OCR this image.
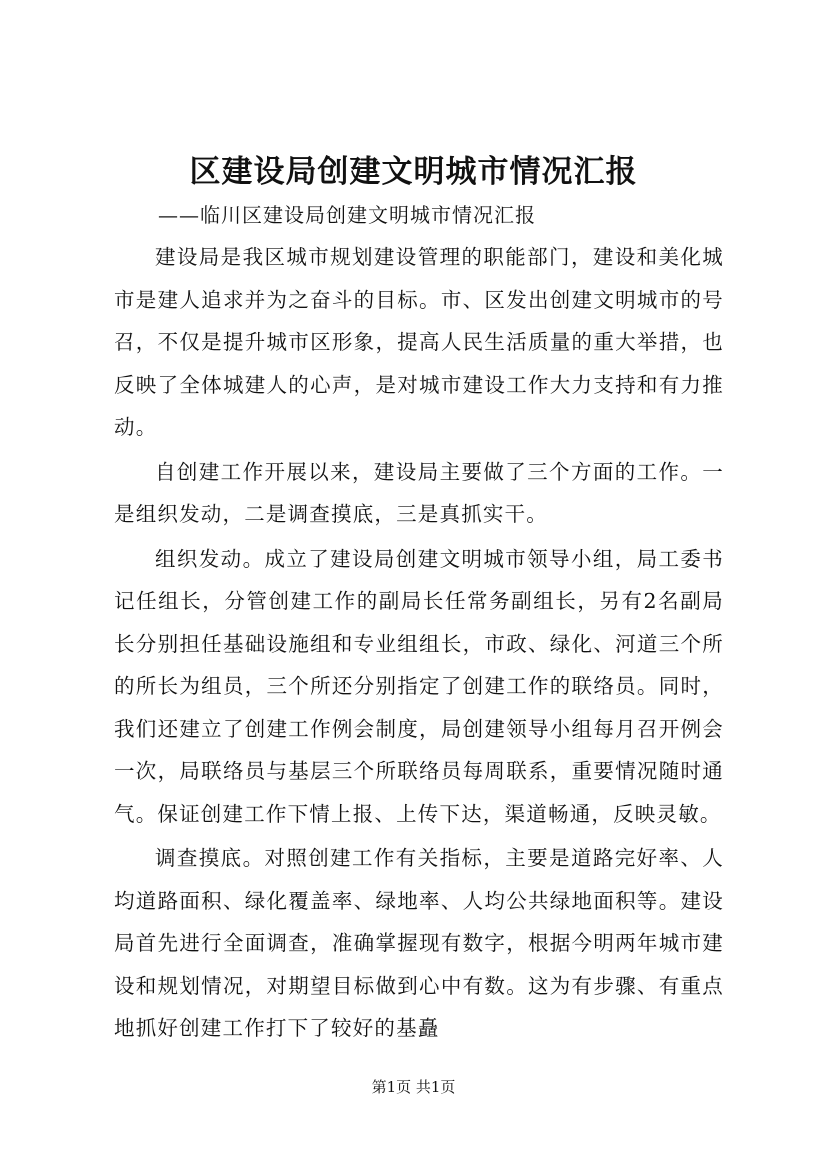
区建设局创建文明城市情况汇报

——临川区建设局创建文明城市情况汇报

建设局是我区城市规划建设管理的职能部门，建设和美化城市是建人追求并为之奋斗的目标。市、区发出创建文明城市的号召，不仅是提升城市区形象，提高人民生活质量的重大举措，也反映了全体城建人的心声，是对城市建设工作大力支持和有力推动。

自创建工作开展以来，建设局主要做了三个方面的工作。一是组织发动，二是调查摸底，三是真抓实干。

组织发动。成立了建设局创建文明城市领导小组，局工委书记任组长，分管创建工作的副局长任常务副组长，另有2名副局长分别担任基础设施组和专业组组长，市政、绿化、河道三个所的所长为组员，三个所还分别指定了创建工作的联络员。同时，我们还建立了创建工作例会制度，局创建领导小组每月召开例会一次，局联络员与基层三个所联络员每周联系，重要情况随时通气。保证创建工作下情上报、上传下达，渠道畅通，反映灵敏。

调查摸底。对照创建工作有关指标，主要是道路完好率、人均道路面积、绿化覆盖率、绿地率、人均公共绿地面积等。建设局首先进行全面调查，准确掌握现有数字，根据今明两年城市建设和规划情况，对期望目标做到心中有数。这为有步骤、有重点地抓好创建工作打下了较好的基矗

第1页 共1页
